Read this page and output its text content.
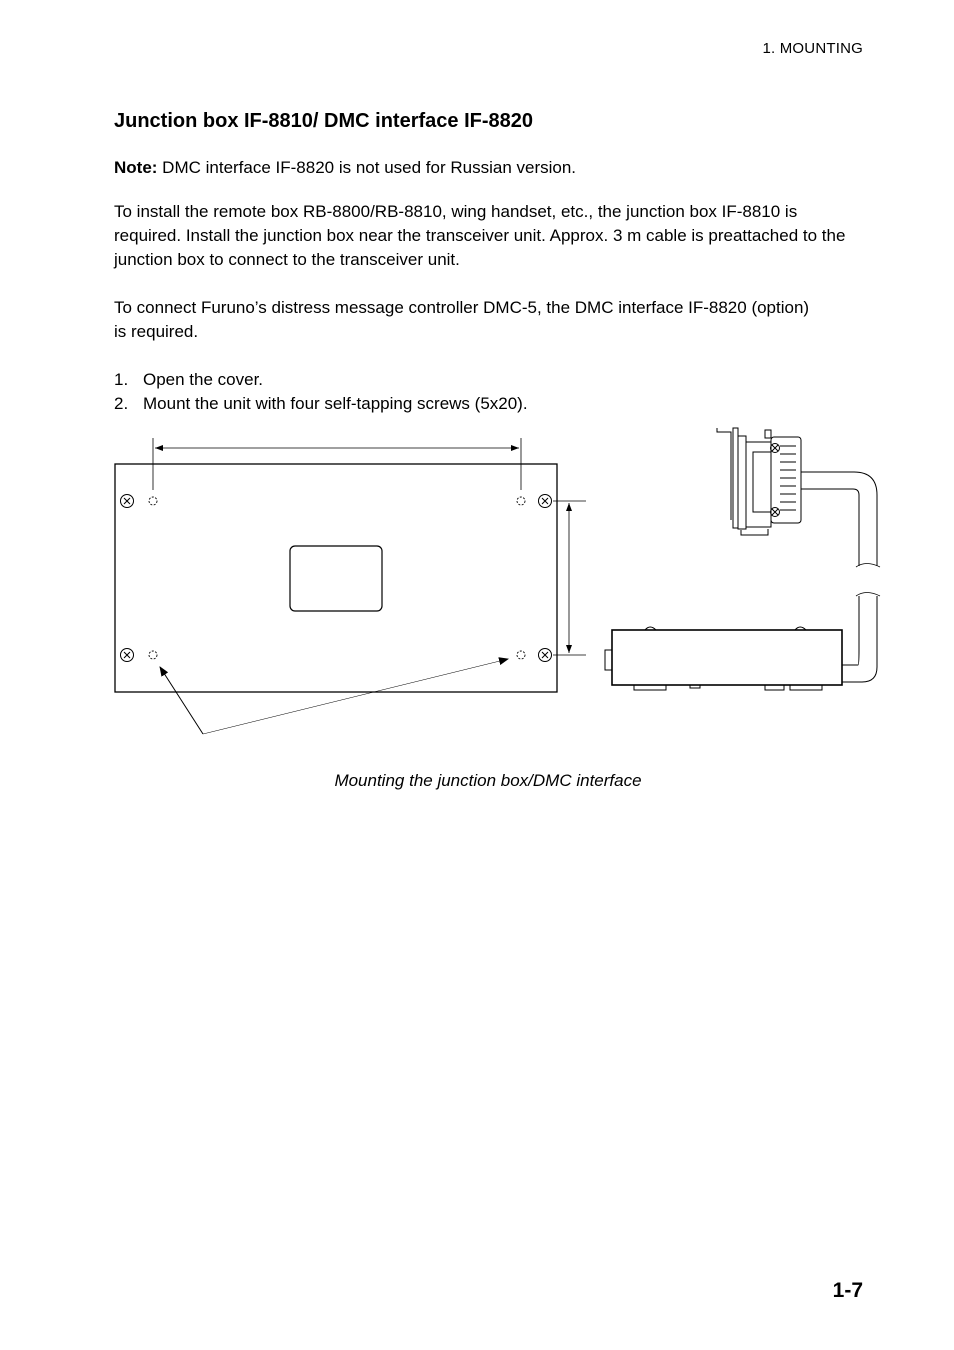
1. MOUNTING
Junction box IF-8810/ DMC interface IF-8820

Note: DMC interface IF-8820 is not used for Russian version.

To install the remote box RB-8800/RB-8810, wing handset, etc., the junction box IF-8810 is required. Install the junction box near the transceiver unit. Approx. 3 m cable is preattached to the junction box to connect to the transceiver unit.

To connect Furuno’s distress message controller DMC-5, the DMC interface IF-8820 (option) is required.

1. Open the cover.
2. Mount the unit with four self-tapping screws (5x20).
Mounting the junction box/DMC interface
1-7
